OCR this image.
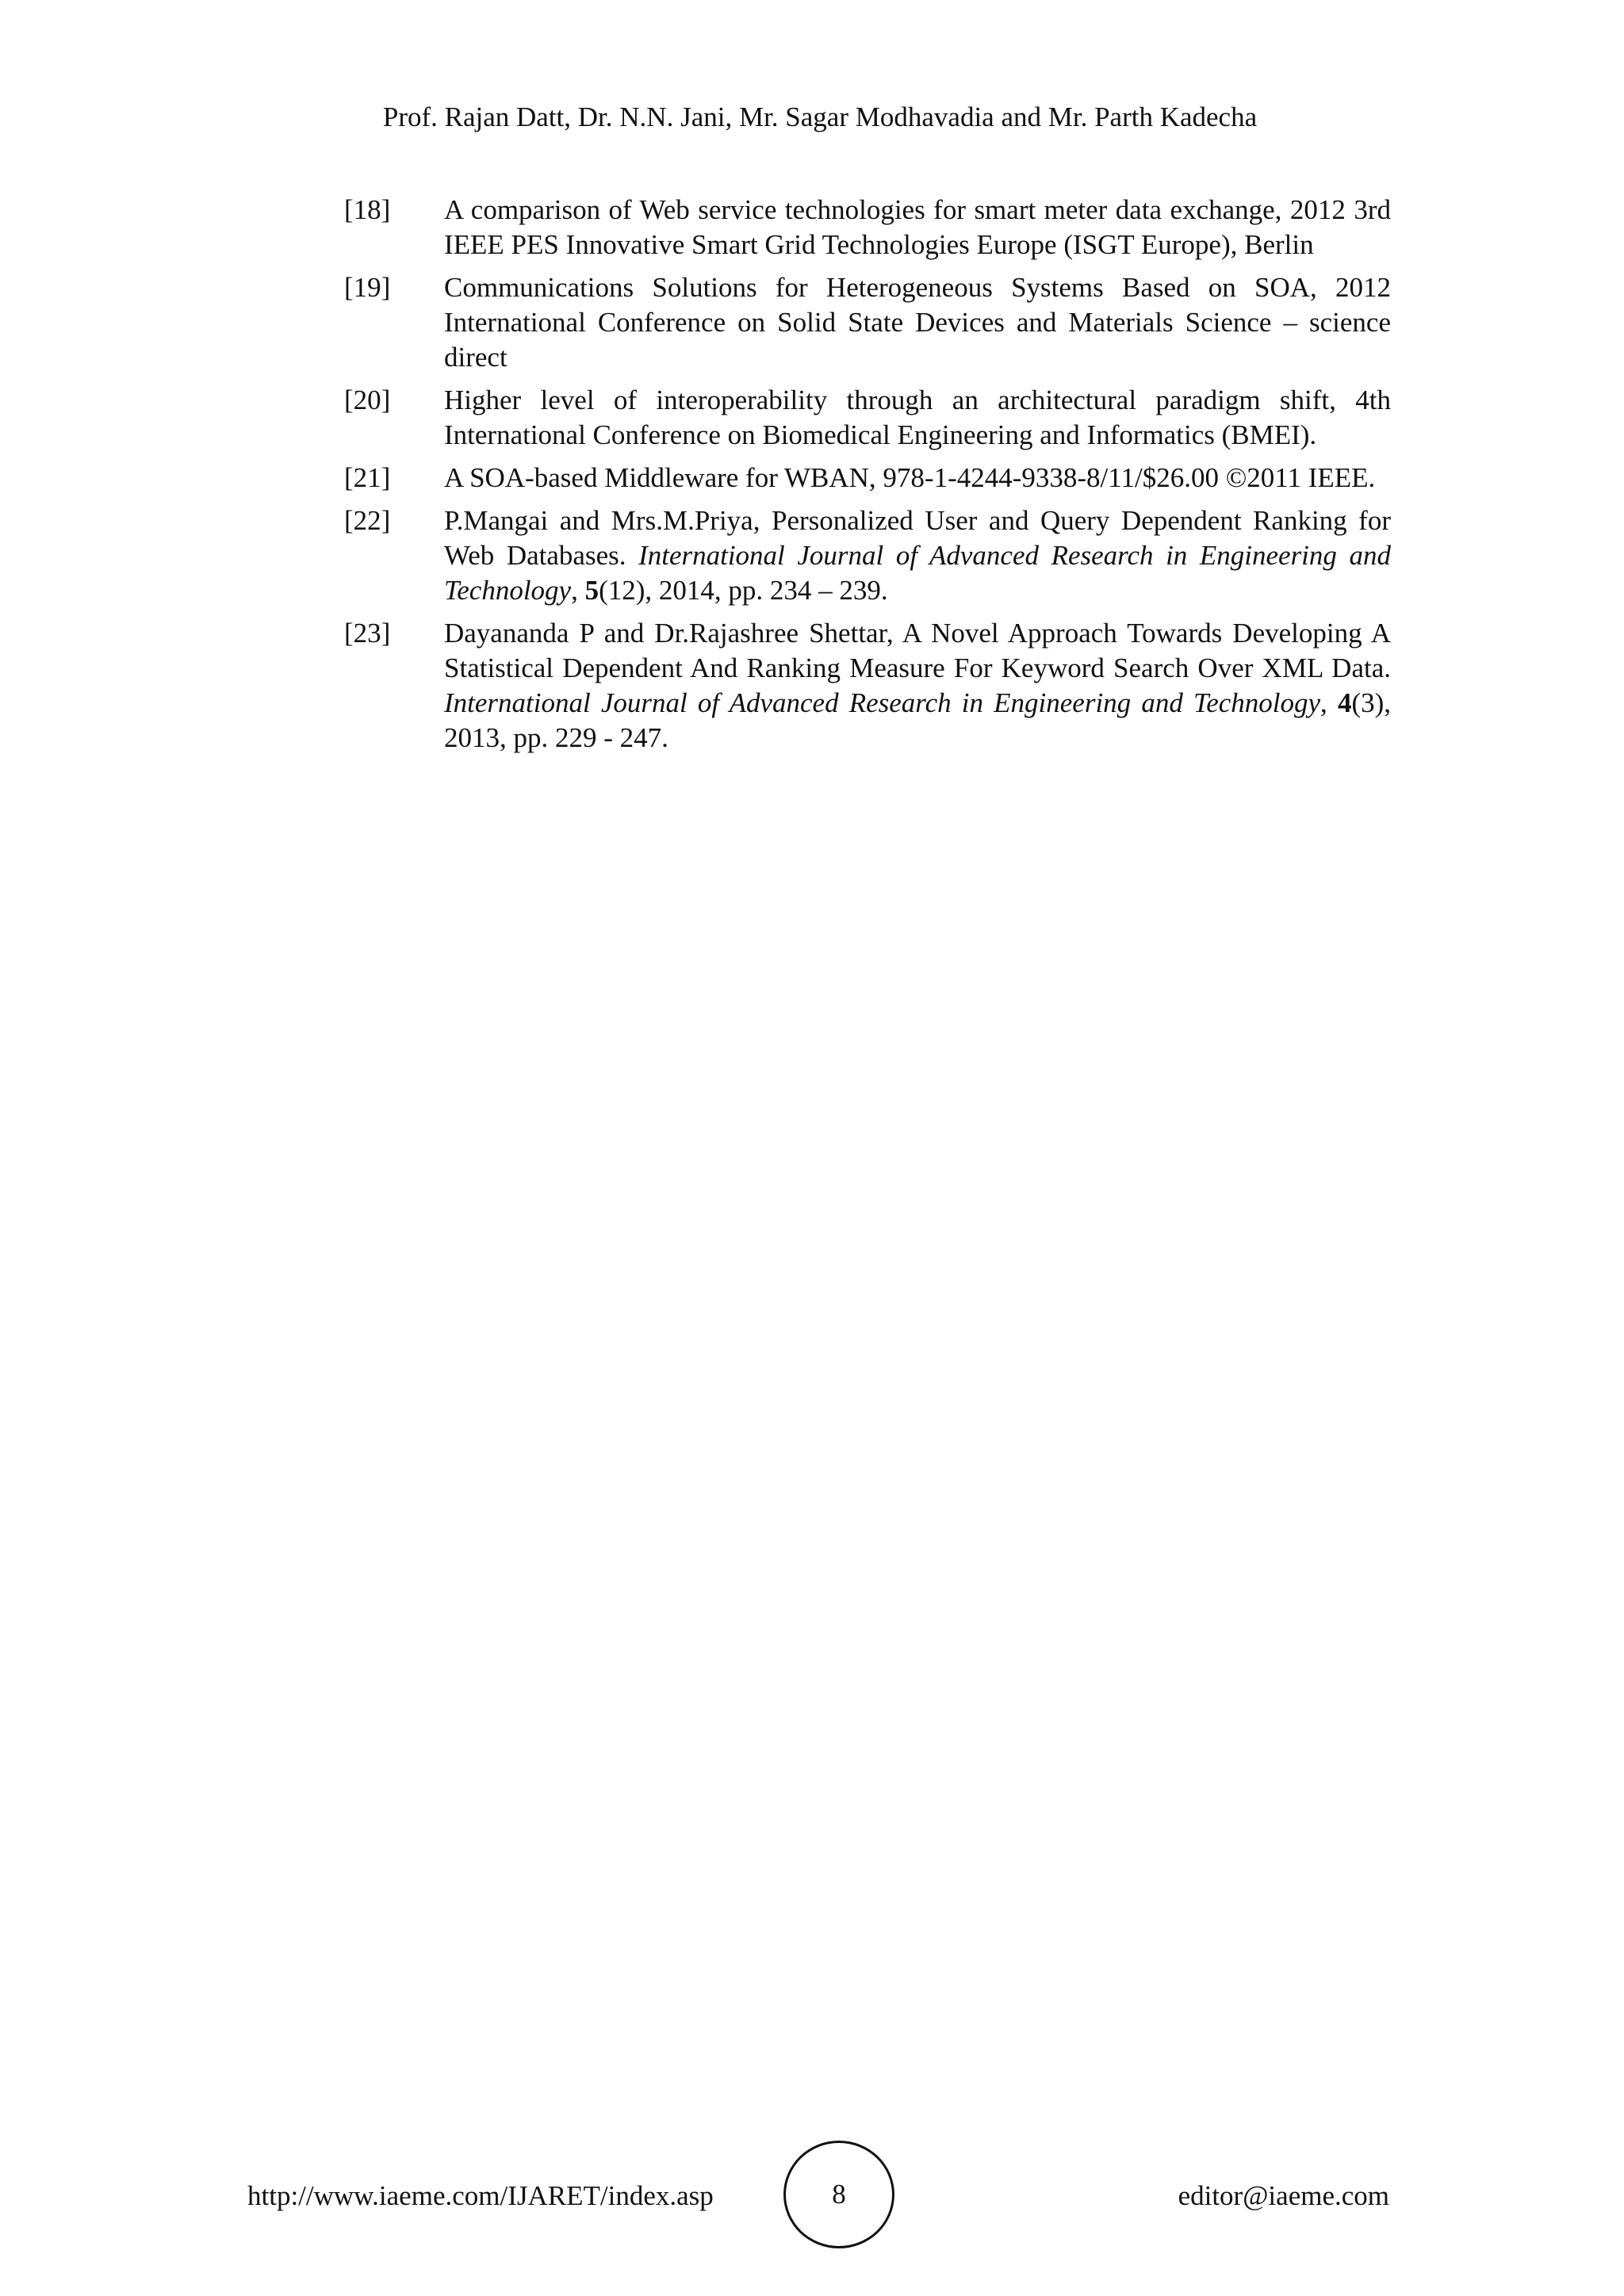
Prof. Rajan Datt, Dr. N.N. Jani, Mr. Sagar Modhavadia and Mr. Parth Kadecha
[18]	A comparison of Web service technologies for smart meter data exchange, 2012 3rd IEEE PES Innovative Smart Grid Technologies Europe (ISGT Europe), Berlin
[19]	Communications Solutions for Heterogeneous Systems Based on SOA, 2012 International Conference on Solid State Devices and Materials Science – science direct
[20]	Higher level of interoperability through an architectural paradigm shift, 4th International Conference on Biomedical Engineering and Informatics (BMEI).
[21]	A SOA-based Middleware for WBAN, 978-1-4244-9338-8/11/$26.00 ©2011 IEEE.
[22]	P.Mangai and Mrs.M.Priya, Personalized User and Query Dependent Ranking for Web Databases. International Journal of Advanced Research in Engineering and Technology, 5(12), 2014, pp. 234 – 239.
[23]	Dayananda P and Dr.Rajashree Shettar, A Novel Approach Towards Developing A Statistical Dependent And Ranking Measure For Keyword Search Over XML Data. International Journal of Advanced Research in Engineering and Technology, 4(3), 2013, pp. 229 - 247.
http://www.iaeme.com/IJARET/index.asp	8	editor@iaeme.com
